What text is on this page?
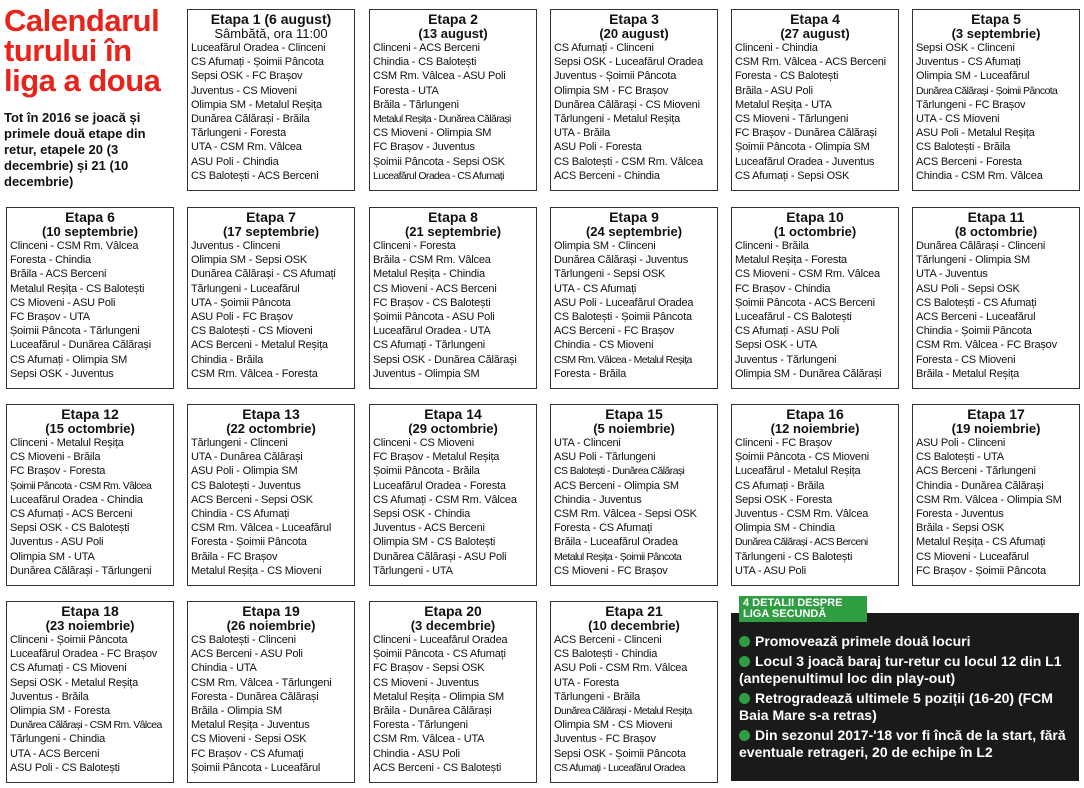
Calendarul turului în liga a doua
Tot în 2016 se joacă și primele două etape din retur, etapele 20 (3 decembrie) și 21 (10 decembrie)
Etapa 1 (6 august)
Sâmbătă, ora 11:00
Luceafărul Oradea - Clinceni
CS Afumați - Șoimii Pâncota
Sepsi OSK - FC Brașov
Juventus - CS Mioveni
Olimpia SM - Metalul Reșița
Dunărea Călărași - Brăila
Tărlungeni - Foresta
UTA - CSM Rm. Vâlcea
ASU Poli - Chindia
CS Balotești - ACS Berceni
Etapa 2
(13 august)
Clinceni - ACS Berceni
Chindia - CS Balotești
CSM Rm. Vâlcea - ASU Poli
Foresta - UTA
Brăila - Tărlungeni
Metalul Reșița - Dunărea Călărași
CS Mioveni - Olimpia SM
FC Brașov - Juventus
Șoimii Pâncota - Sepsi OSK
Luceafărul Oradea - CS Afumați
Etapa 3
(20 august)
CS Afumați - Clinceni
Sepsi OSK - Luceafărul Oradea
Juventus - Șoimii Pâncota
Olimpia SM - FC Brașov
Dunărea Călărași - CS Mioveni
Tărlungeni - Metalul Reșița
UTA - Brăila
ASU Poli - Foresta
CS Balotești - CSM Rm. Vâlcea
ACS Berceni - Chindia
Etapa 4
(27 august)
Clinceni - Chindia
CSM Rm. Vâlcea - ACS Berceni
Foresta - CS Balotești
Brăila - ASU Poli
Metalul Reșița - UTA
CS Mioveni - Tărlungeni
FC Brașov - Dunărea Călărași
Șoimii Pâncota - Olimpia SM
Luceafărul Oradea - Juventus
CS Afumați - Sepsi OSK
Etapa 5
(3 septembrie)
Sepsi OSK - Clinceni
Juventus - CS Afumați
Olimpia SM - Luceafărul
Dunărea Călărași - Șoimii Pâncota
Tărlungeni - FC Brașov
UTA - CS Mioveni
ASU Poli - Metalul Reșița
CS Balotești - Brăila
ACS Berceni - Foresta
Chindia - CSM Rm. Vâlcea
Etapa 6
(10 septembrie)
Clinceni - CSM Rm. Vâlcea
Foresta - Chindia
Brăila - ACS Berceni
Metalul Reșița - CS Balotești
CS Mioveni - ASU Poli
FC Brașov - UTA
Șoimii Pâncota - Tărlungeni
Luceafărul - Dunărea Călărași
CS Afumați - Olimpia SM
Sepsi OSK - Juventus
Etapa 7
(17 septembrie)
Juventus - Clinceni
Olimpia SM - Sepsi OSK
Dunărea Călărași - CS Afumați
Tărlungeni - Luceafărul
UTA - Șoimii Pâncota
ASU Poli - FC Brașov
CS Balotești - CS Mioveni
ACS Berceni - Metalul Reșița
Chindia - Brăila
CSM Rm. Vâlcea - Foresta
Etapa 8
(21 septembrie)
Clinceni - Foresta
Brăila - CSM Rm. Vâlcea
Metalul Reșița - Chindia
CS Mioveni - ACS Berceni
FC Brașov - CS Balotești
Șoimii Pâncota - ASU Poli
Luceafărul Oradea - UTA
CS Afumați - Tărlungeni
Sepsi OSK - Dunărea Călărași
Juventus - Olimpia SM
Etapa 9
(24 septembrie)
Olimpia SM - Clinceni
Dunărea Călărași - Juventus
Tărlungeni - Sepsi OSK
UTA - CS Afumați
ASU Poli - Luceafărul Oradea
CS Balotești - Șoimii Pâncota
ACS Berceni - FC Brașov
Chindia - CS Mioveni
CSM Rm. Vâlcea - Metalul Reșița
Foresta - Brăila
Etapa 10
(1 octombrie)
Clinceni - Brăila
Metalul Reșița - Foresta
CS Mioveni - CSM Rm. Vâlcea
FC Brașov - Chindia
Șoimii Pâncota - ACS Berceni
Luceafărul - CS Balotești
CS Afumați - ASU Poli
Sepsi OSK - UTA
Juventus - Tărlungeni
Olimpia SM - Dunărea Călărași
Etapa 11
(8 octombrie)
Dunărea Călărași - Clinceni
Tărlungeni - Olimpia SM
UTA - Juventus
ASU Poli - Sepsi OSK
CS Balotești - CS Afumați
ACS Berceni - Luceafărul
Chindia - Șoimii Pâncota
CSM Rm. Vâlcea - FC Brașov
Foresta - CS Mioveni
Brăila - Metalul Reșița
Etapa 12
(15 octombrie)
Clinceni - Metalul Reșița
CS Mioveni - Brăila
FC Brașov - Foresta
Șoimii Pâncota - CSM Rm. Vâlcea
Luceafărul Oradea - Chindia
CS Afumați - ACS Berceni
Sepsi OSK - CS Balotești
Juventus - ASU Poli
Olimpia SM - UTA
Dunărea Călărași - Tărlungeni
Etapa 13
(22 octombrie)
Tărlungeni - Clinceni
UTA - Dunărea Călărași
ASU Poli - Olimpia SM
CS Balotești - Juventus
ACS Berceni - Sepsi OSK
Chindia - CS Afumați
CSM Rm. Vâlcea - Luceafărul
Foresta - Șoimii Pâncota
Brăila - FC Brașov
Metalul Reșița - CS Mioveni
Etapa 14
(29 octombrie)
Clinceni - CS Mioveni
FC Brașov - Metalul Reșița
Șoimii Pâncota - Brăila
Luceafărul Oradea - Foresta
CS Afumați - CSM Rm. Vâlcea
Sepsi OSK - Chindia
Juventus - ACS Berceni
Olimpia SM - CS Balotești
Dunărea Călărași - ASU Poli
Tărlungeni - UTA
Etapa 15
(5 noiembrie)
UTA - Clinceni
ASU Poli - Tărlungeni
CS Balotești - Dunărea Călărași
ACS Berceni - Olimpia SM
Chindia - Juventus
CSM Rm. Vâlcea - Sepsi OSK
Foresta - CS Afumați
Brăila - Luceafărul Oradea
Metalul Reșița - Șoimii Pâncota
CS Mioveni - FC Brașov
Etapa 16
(12 noiembrie)
Clinceni - FC Brașov
Șoimii Pâncota - CS Mioveni
Luceafărul - Metalul Reșița
CS Afumați - Brăila
Sepsi OSK - Foresta
Juventus - CSM Rm. Vâlcea
Olimpia SM - Chindia
Dunărea Călărași - ACS Berceni
Tărlungeni - CS Balotești
UTA - ASU Poli
Etapa 17
(19 noiembrie)
ASU Poli - Clinceni
CS Balotești - UTA
ACS Berceni - Tărlungeni
Chindia - Dunărea Călărași
CSM Rm. Vâlcea - Olimpia SM
Foresta - Juventus
Brăila - Sepsi OSK
Metalul Reșița - CS Afumați
CS Mioveni - Luceafărul
FC Brașov - Șoimii Pâncota
Etapa 18
(23 noiembrie)
Clinceni - Șoimii Pâncota
Luceafărul Oradea - FC Brașov
CS Afumați - CS Mioveni
Sepsi OSK - Metalul Reșița
Juventus - Brăila
Olimpia SM - Foresta
Dunărea Călărași - CSM Rm. Vâlcea
Tărlungeni - Chindia
UTA - ACS Berceni
ASU Poli - CS Balotești
Etapa 19
(26 noiembrie)
CS Balotești - Clinceni
ACS Berceni - ASU Poli
Chindia - UTA
CSM Rm. Vâlcea - Tărlungeni
Foresta - Dunărea Călărași
Brăila - Olimpia SM
Metalul Reșița - Juventus
CS Mioveni - Sepsi OSK
FC Brașov - CS Afumați
Șoimii Pâncota - Luceafărul
Etapa 20
(3 decembrie)
Clinceni - Luceafărul Oradea
Șoimii Pâncota - CS Afumați
FC Brașov - Sepsi OSK
CS Mioveni - Juventus
Metalul Reșița - Olimpia SM
Brăila - Dunărea Călărași
Foresta - Tărlungeni
CSM Rm. Vâlcea - UTA
Chindia - ASU Poli
ACS Berceni - CS Balotești
Etapa 21
(10 decembrie)
ACS Berceni - Clinceni
CS Balotești - Chindia
ASU Poli - CSM Rm. Vâlcea
UTA - Foresta
Tărlungeni - Brăila
Dunărea Călărași - Metalul Reșița
Olimpia SM - CS Mioveni
Juventus - FC Brașov
Sepsi OSK - Șoimii Pâncota
CS Afumați - Luceafărul Oradea
4 DETALII DESPRE LIGA SECUNDĂ
Promovează primele două locuri
Locul 3 joacă baraj tur-retur cu locul 12 din L1 (antepenultimul loc din play-out)
Retrogradează ultimele 5 poziții (16-20) (FCM Baia Mare s-a retras)
Din sezonul 2017-'18 vor fi încă de la start, fără eventuale retrageri, 20 de echipe în L2
